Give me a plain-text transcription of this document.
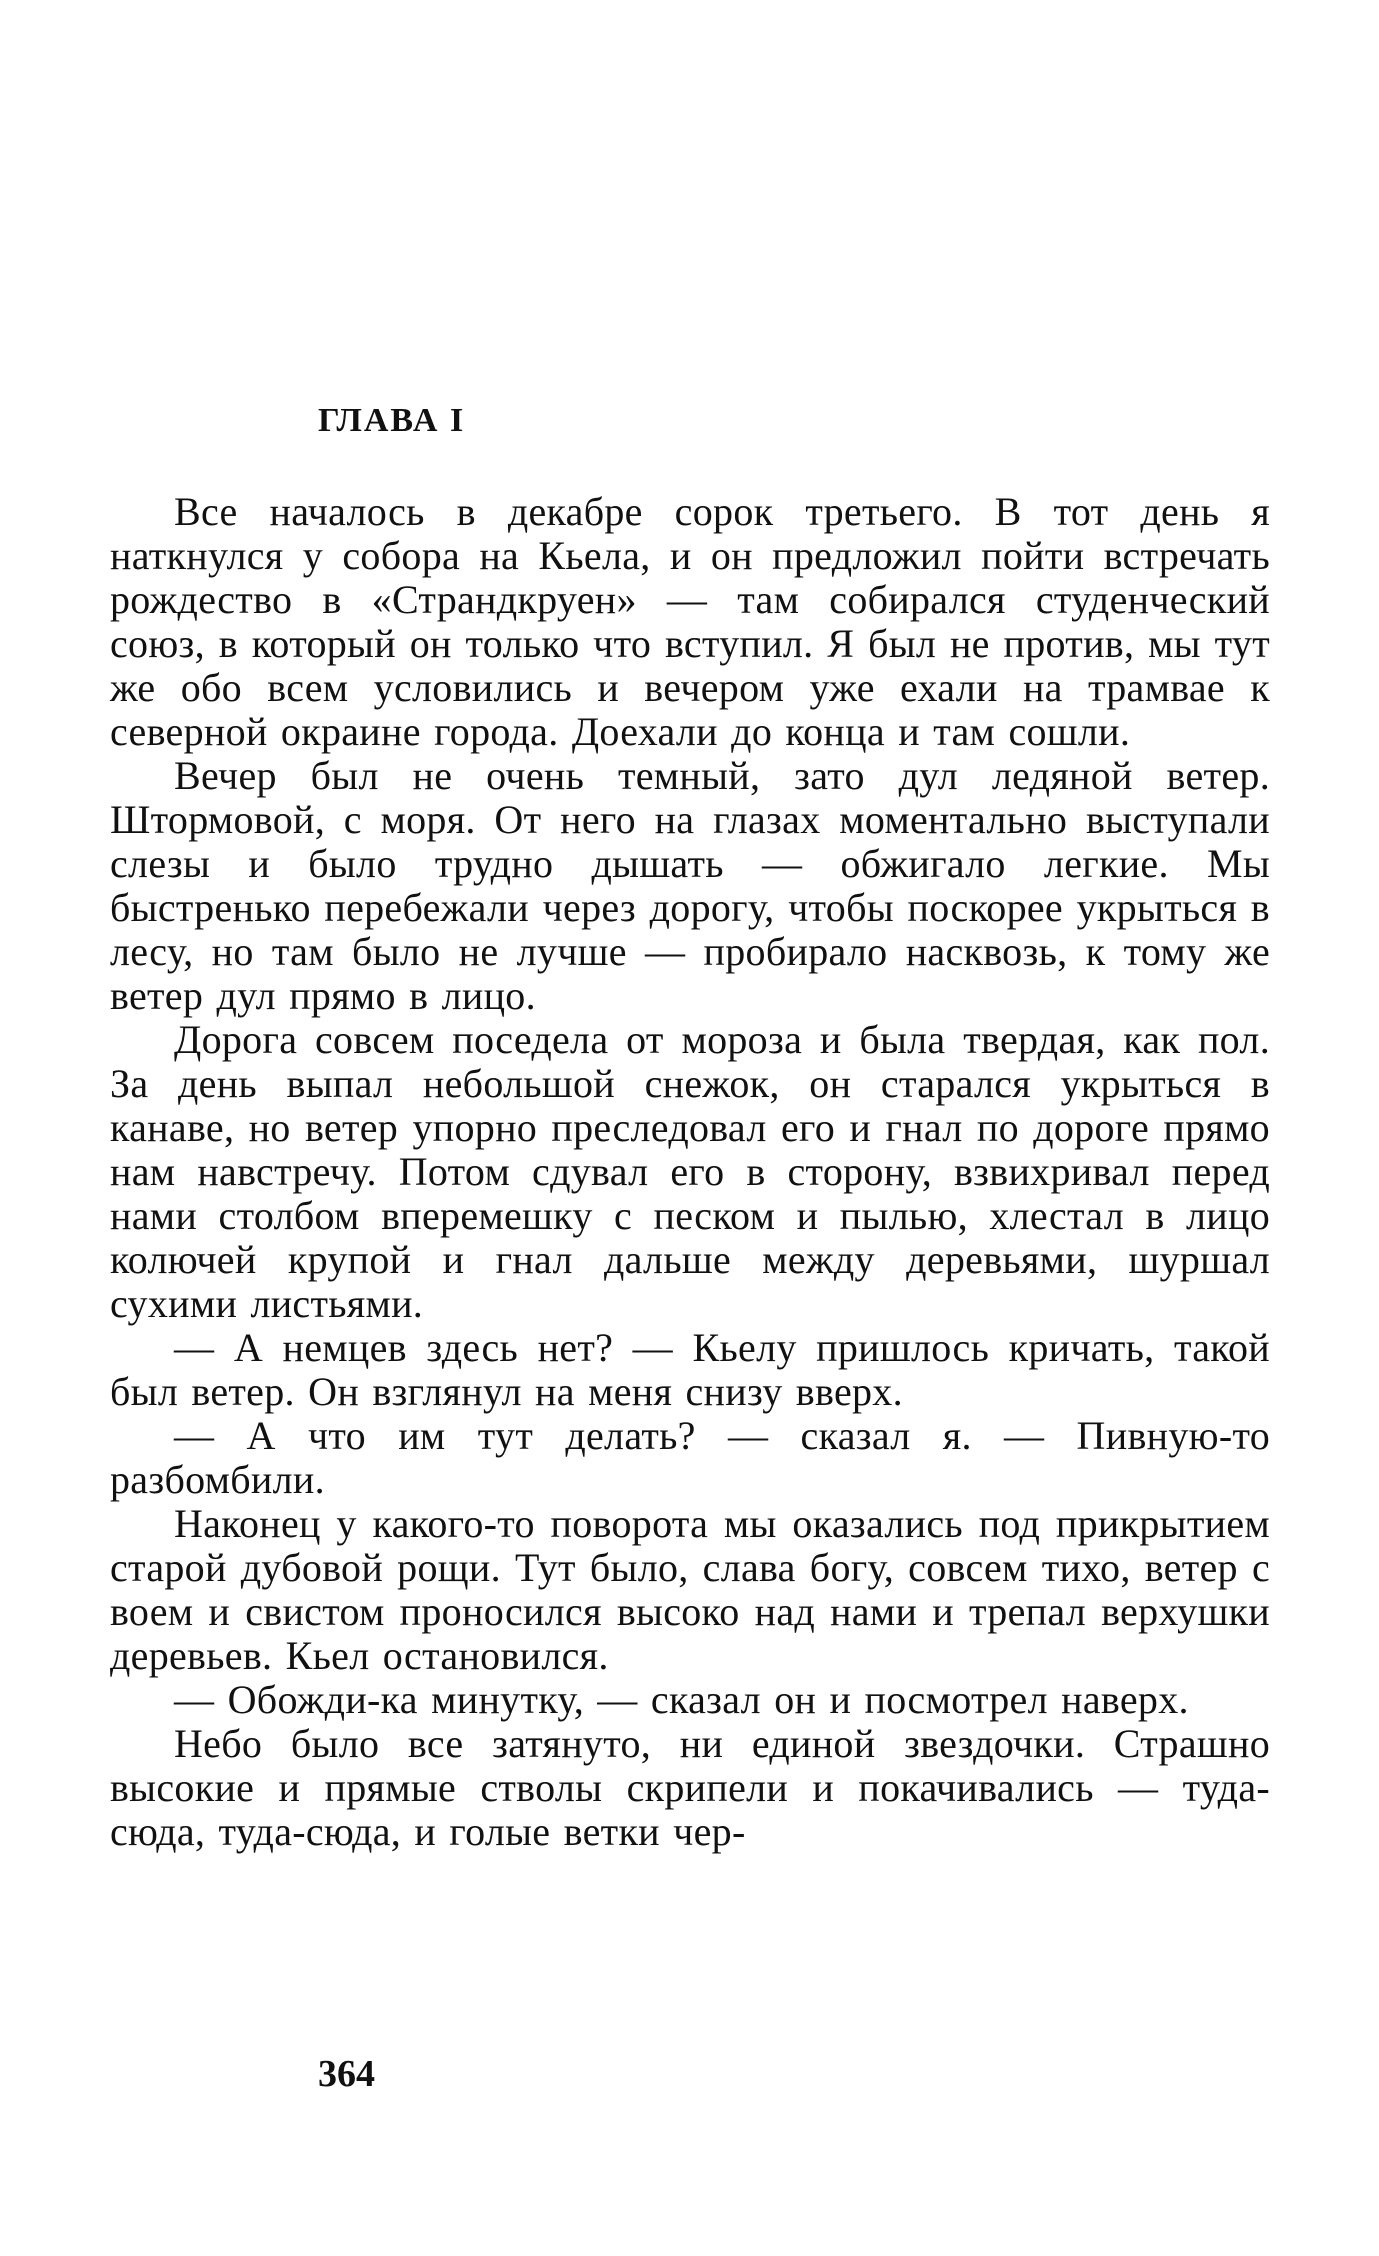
ГЛАВА I

Все началось в декабре сорок третьего. В тот день я наткнулся у собора на Кьела, и он предложил пойти встречать рождество в «Страндкруен» — там собирался студенческий союз, в который он только что вступил. Я был не против, мы тут же обо всем условились и вечером уже ехали на трамвае к северной окраине города. Доехали до конца и там сошли.

Вечер был не очень темный, зато дул ледяной ветер. Штормовой, с моря. От него на глазах моментально выступали слезы и было трудно дышать — обжигало легкие. Мы быстренько перебежали через дорогу, чтобы поскорее укрыться в лесу, но там было не лучше — пробирало насквозь, к тому же ветер дул прямо в лицо.

Дорога совсем поседела от мороза и была твердая, как пол. За день выпал небольшой снежок, он старался укрыться в канаве, но ветер упорно преследовал его и гнал по дороге прямо нам навстречу. Потом сдувал его в сторону, взвихривал перед нами столбом вперемешку с песком и пылью, хлестал в лицо колючей крупой и гнал дальше между деревьями, шуршал сухими листьями.

— А немцев здесь нет? — Кьелу пришлось кричать, такой был ветер. Он взглянул на меня снизу вверх.

— А что им тут делать? — сказал я. — Пивную-то разбомбили.

Наконец у какого-то поворота мы оказались под прикрытием старой дубовой рощи. Тут было, слава богу, совсем тихо, ветер с воем и свистом проносился высоко над нами и трепал верхушки деревьев. Кьел остановился.

— Обожди-ка минутку, — сказал он и посмотрел наверх.

Небо было все затянуто, ни единой звездочки. Страшно высокие и прямые стволы скрипели и покачивались — туда-сюда, туда-сюда, и голые ветки чер-

364
